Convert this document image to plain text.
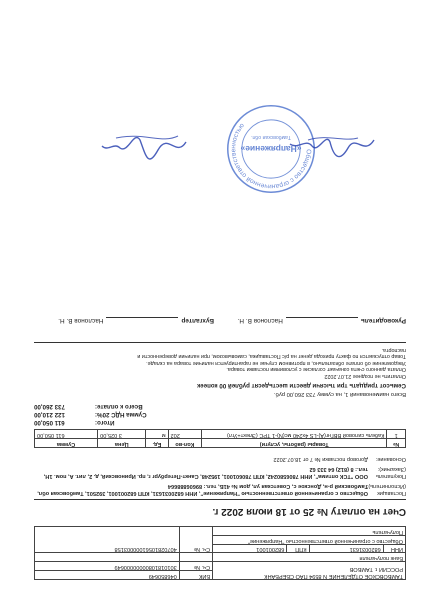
ТАМБОВСКОЕ ОТДЕЛЕНИЕ N 8594 ПАО СБЕРБАНК
РОССИИ г. ТАМБОВ	БИК	046850649
	Сч. №	30101810800000000649
Банк получателя		
ИНН	6820031631	КПП	682001001	Сч. №	40702810561000003158
Общество с ограниченной ответственностью "Напряжение"
Получатель
Счет на оплату № 25 от 18 июля 2022 г.
Поставщик
(Исполнитель):
Общество с ограниченной ответственностью "Напряжение", ИНН 6820031631, КПП 682001001, 392501, Тамбовская обл, Тамбовский р-н, Донское с, Советская ул, дом № 41Б, тел.: 89606888664
Покупатель
(Заказчик):
ООО "ТСК оптима", ИНН 7806580242, КПП 780601001, 195248, Санкт-Петербург г, пр. Ириновский, д. 2, лит. А, пом. 1Н, тел.: 8 (812) 64 333 62
Основание:
Договор поставки № 7 от 18.07.2022
№	Товары (работы, услуги)	Кол-во	Ед.	Цена	Сумма
1	Кабель силовой ВВГнг(А)-LS 4х240 мс(N)-1 ТРС (Элект+Угл)	202	м	3 025,00	611 050,00
Итого:
611 050,00
Сумма НДС 20%:
122 210,00
Всего к оплате:
733 260,00
Всего наименований 1, на сумму 733 260,00 руб.
Семьсот тридцать три тысячи двести шестьдесят рублей 00 копеек
Оплатить не позднее 21.07.2022
Оплата данного счета означает согласие с условиями поставки товара.
Уведомление об оплате обязательно, в противном случае не гарантируется наличие товара на складе.
Товар отпускается по факту прихода денег на р/с Поставщика, самовывозом, при наличии доверенности и
паспорта.
Руководитель
Наслонов В. Н.
Бухгалтер
Наслонов В. Н.
Общество с ограниченной ответственностью
«Напряжение»
Тамбовская обл.
